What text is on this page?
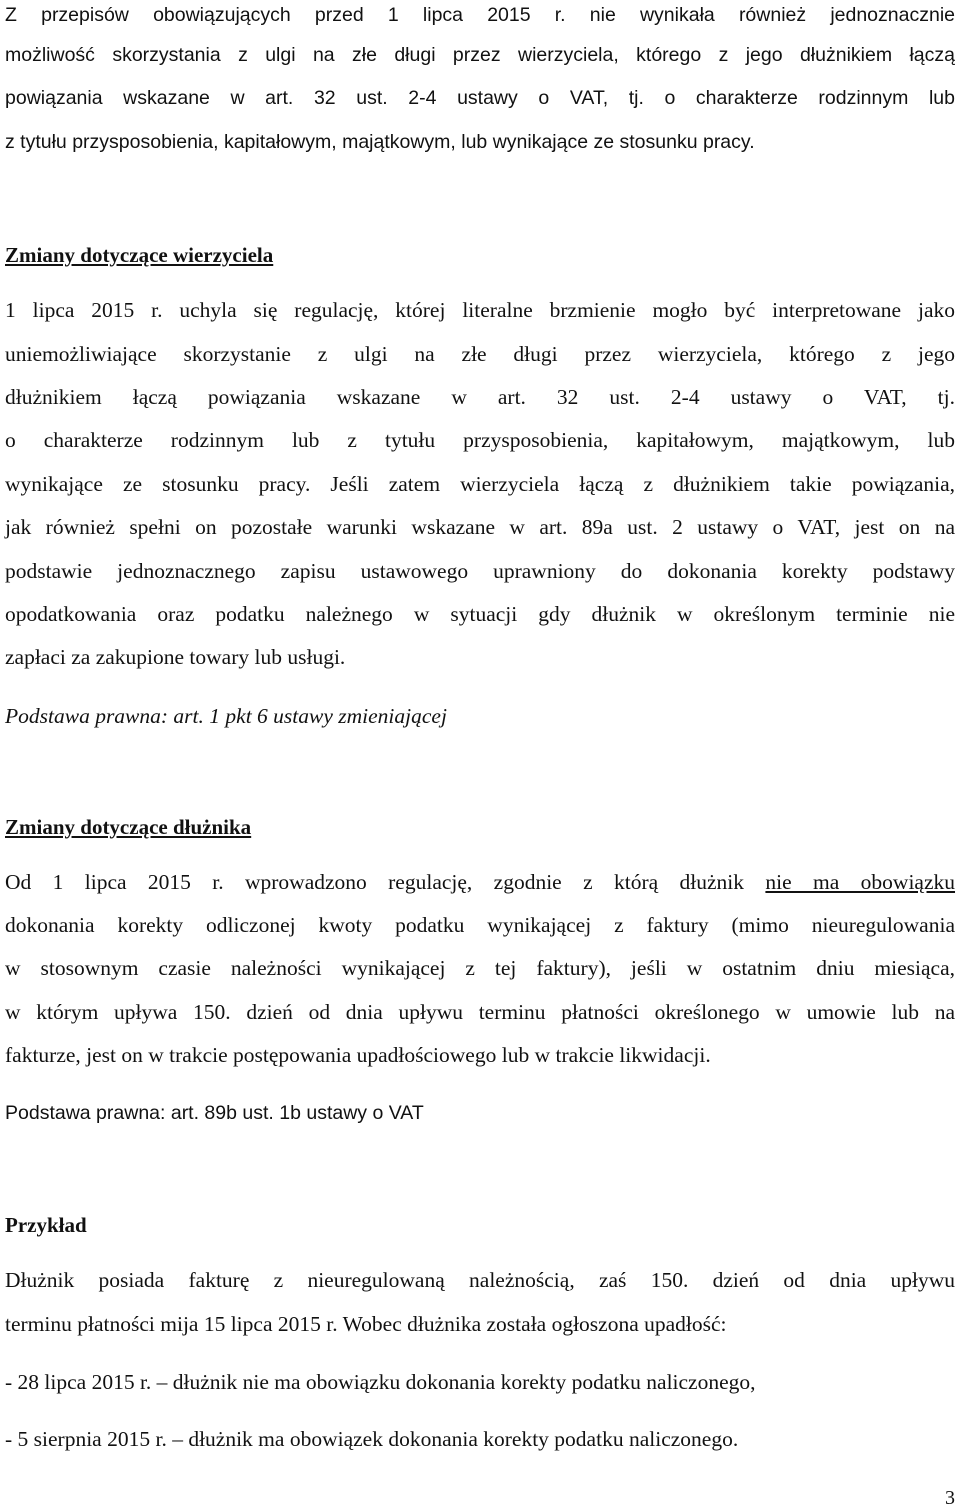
Z przepisów obowiązujących przed 1 lipca 2015 r. nie wynikała również jednoznacznie
możliwość skorzystania z ulgi na złe długi przez wierzyciela, którego z jego dłużnikiem łączą
powiązania wskazane w art. 32 ust. 2-4 ustawy o VAT, tj. o charakterze rodzinnym lub
z tytułu przysposobienia, kapitałowym, majątkowym, lub wynikające ze stosunku pracy.
Zmiany dotyczące wierzyciela
1 lipca 2015 r. uchyla się regulację, której literalne brzmienie mogło być interpretowane jako
uniemożliwiające skorzystanie z ulgi na złe długi przez wierzyciela, którego z jego
dłużnikiem łączą powiązania wskazane w art. 32 ust. 2-4 ustawy o VAT, tj.
o charakterze rodzinnym lub z tytułu przysposobienia, kapitałowym, majątkowym, lub
wynikające ze stosunku pracy. Jeśli zatem wierzyciela łączą z dłużnikiem takie powiązania,
jak również spełni on pozostałe warunki wskazane w art. 89a ust. 2 ustawy o VAT, jest on na
podstawie jednoznacznego zapisu ustawowego uprawniony do dokonania korekty podstawy
opodatkowania oraz podatku należnego w sytuacji gdy dłużnik w określonym terminie nie
zapłaci za zakupione towary lub usługi.
Podstawa prawna: art. 1 pkt 6 ustawy zmieniającej
Zmiany dotyczące dłużnika
Od 1 lipca 2015 r. wprowadzono regulację, zgodnie z którą dłużnik nie ma obowiązku
dokonania korekty odliczonej kwoty podatku wynikającej z faktury (mimo nieuregulowania
w stosownym czasie należności wynikającej z tej faktury), jeśli w ostatnim dniu miesiąca,
w którym upływa 150. dzień od dnia upływu terminu płatności określonego w umowie lub na
fakturze, jest on w trakcie postępowania upadłościowego lub w trakcie likwidacji.
Podstawa prawna: art. 89b ust. 1b ustawy o VAT
Przykład
Dłużnik posiada fakturę z nieuregulowaną należnością, zaś 150. dzień od dnia upływu
terminu płatności mija 15 lipca 2015 r. Wobec dłużnika została ogłoszona upadłość:
- 28 lipca 2015 r. – dłużnik nie ma obowiązku dokonania korekty podatku naliczonego,
- 5 sierpnia 2015 r. – dłużnik ma obowiązek dokonania korekty podatku naliczonego.
3
